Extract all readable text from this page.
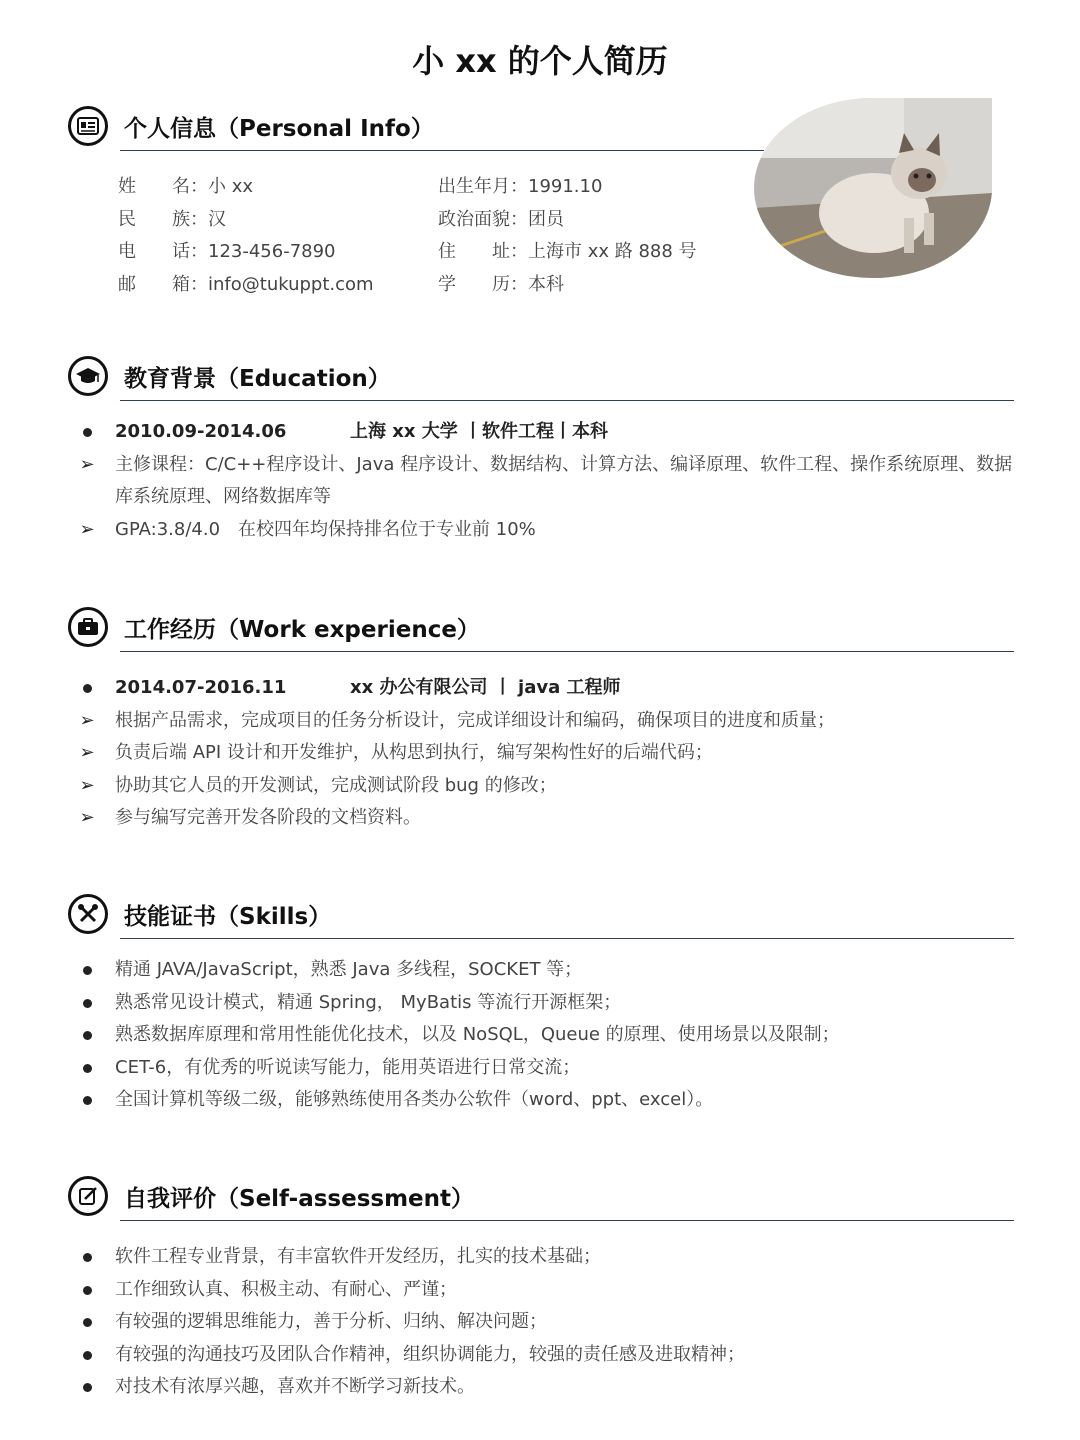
小 xx 的个人简历
个人信息（Personal Info）
姓　　名：小 xx	出生年月：1991.10
民　　族：汉	政治面貌：团员
电　　话：123-456-7890	住　　址：上海市 xx 路 888 号
邮　　箱：info@tukuppt.com	学　　历：本科
教育背景（Education）
2010.09-2014.06	上海 xx 大学 丨软件工程丨本科
➢ 主修课程：C/C++程序设计、Java 程序设计、数据结构、计算方法、编译原理、软件工程、操作系统原理、数据库系统原理、网络数据库等
➢ GPA:3.8/4.0　在校四年均保持排名位于专业前 10%
工作经历（Work experience）
2014.07-2016.11	xx 办公有限公司 丨 java 工程师
➢ 根据产品需求，完成项目的任务分析设计，完成详细设计和编码，确保项目的进度和质量；
➢ 负责后端 API 设计和开发维护，从构思到执行，编写架构性好的后端代码；
➢ 协助其它人员的开发测试，完成测试阶段 bug 的修改；
➢ 参与编写完善开发各阶段的文档资料。
技能证书（Skills）
精通 JAVA/JavaScript，熟悉 Java 多线程，SOCKET 等；
熟悉常见设计模式，精通 Spring， MyBatis 等流行开源框架；
熟悉数据库原理和常用性能优化技术，以及 NoSQL，Queue 的原理、使用场景以及限制；
CET-6，有优秀的听说读写能力，能用英语进行日常交流；
全国计算机等级二级，能够熟练使用各类办公软件（word、ppt、excel）。
自我评价（Self-assessment）
软件工程专业背景，有丰富软件开发经历，扎实的技术基础；
工作细致认真、积极主动、有耐心、严谨；
有较强的逻辑思维能力，善于分析、归纳、解决问题；
有较强的沟通技巧及团队合作精神，组织协调能力，较强的责任感及进取精神；
对技术有浓厚兴趣，喜欢并不断学习新技术。
